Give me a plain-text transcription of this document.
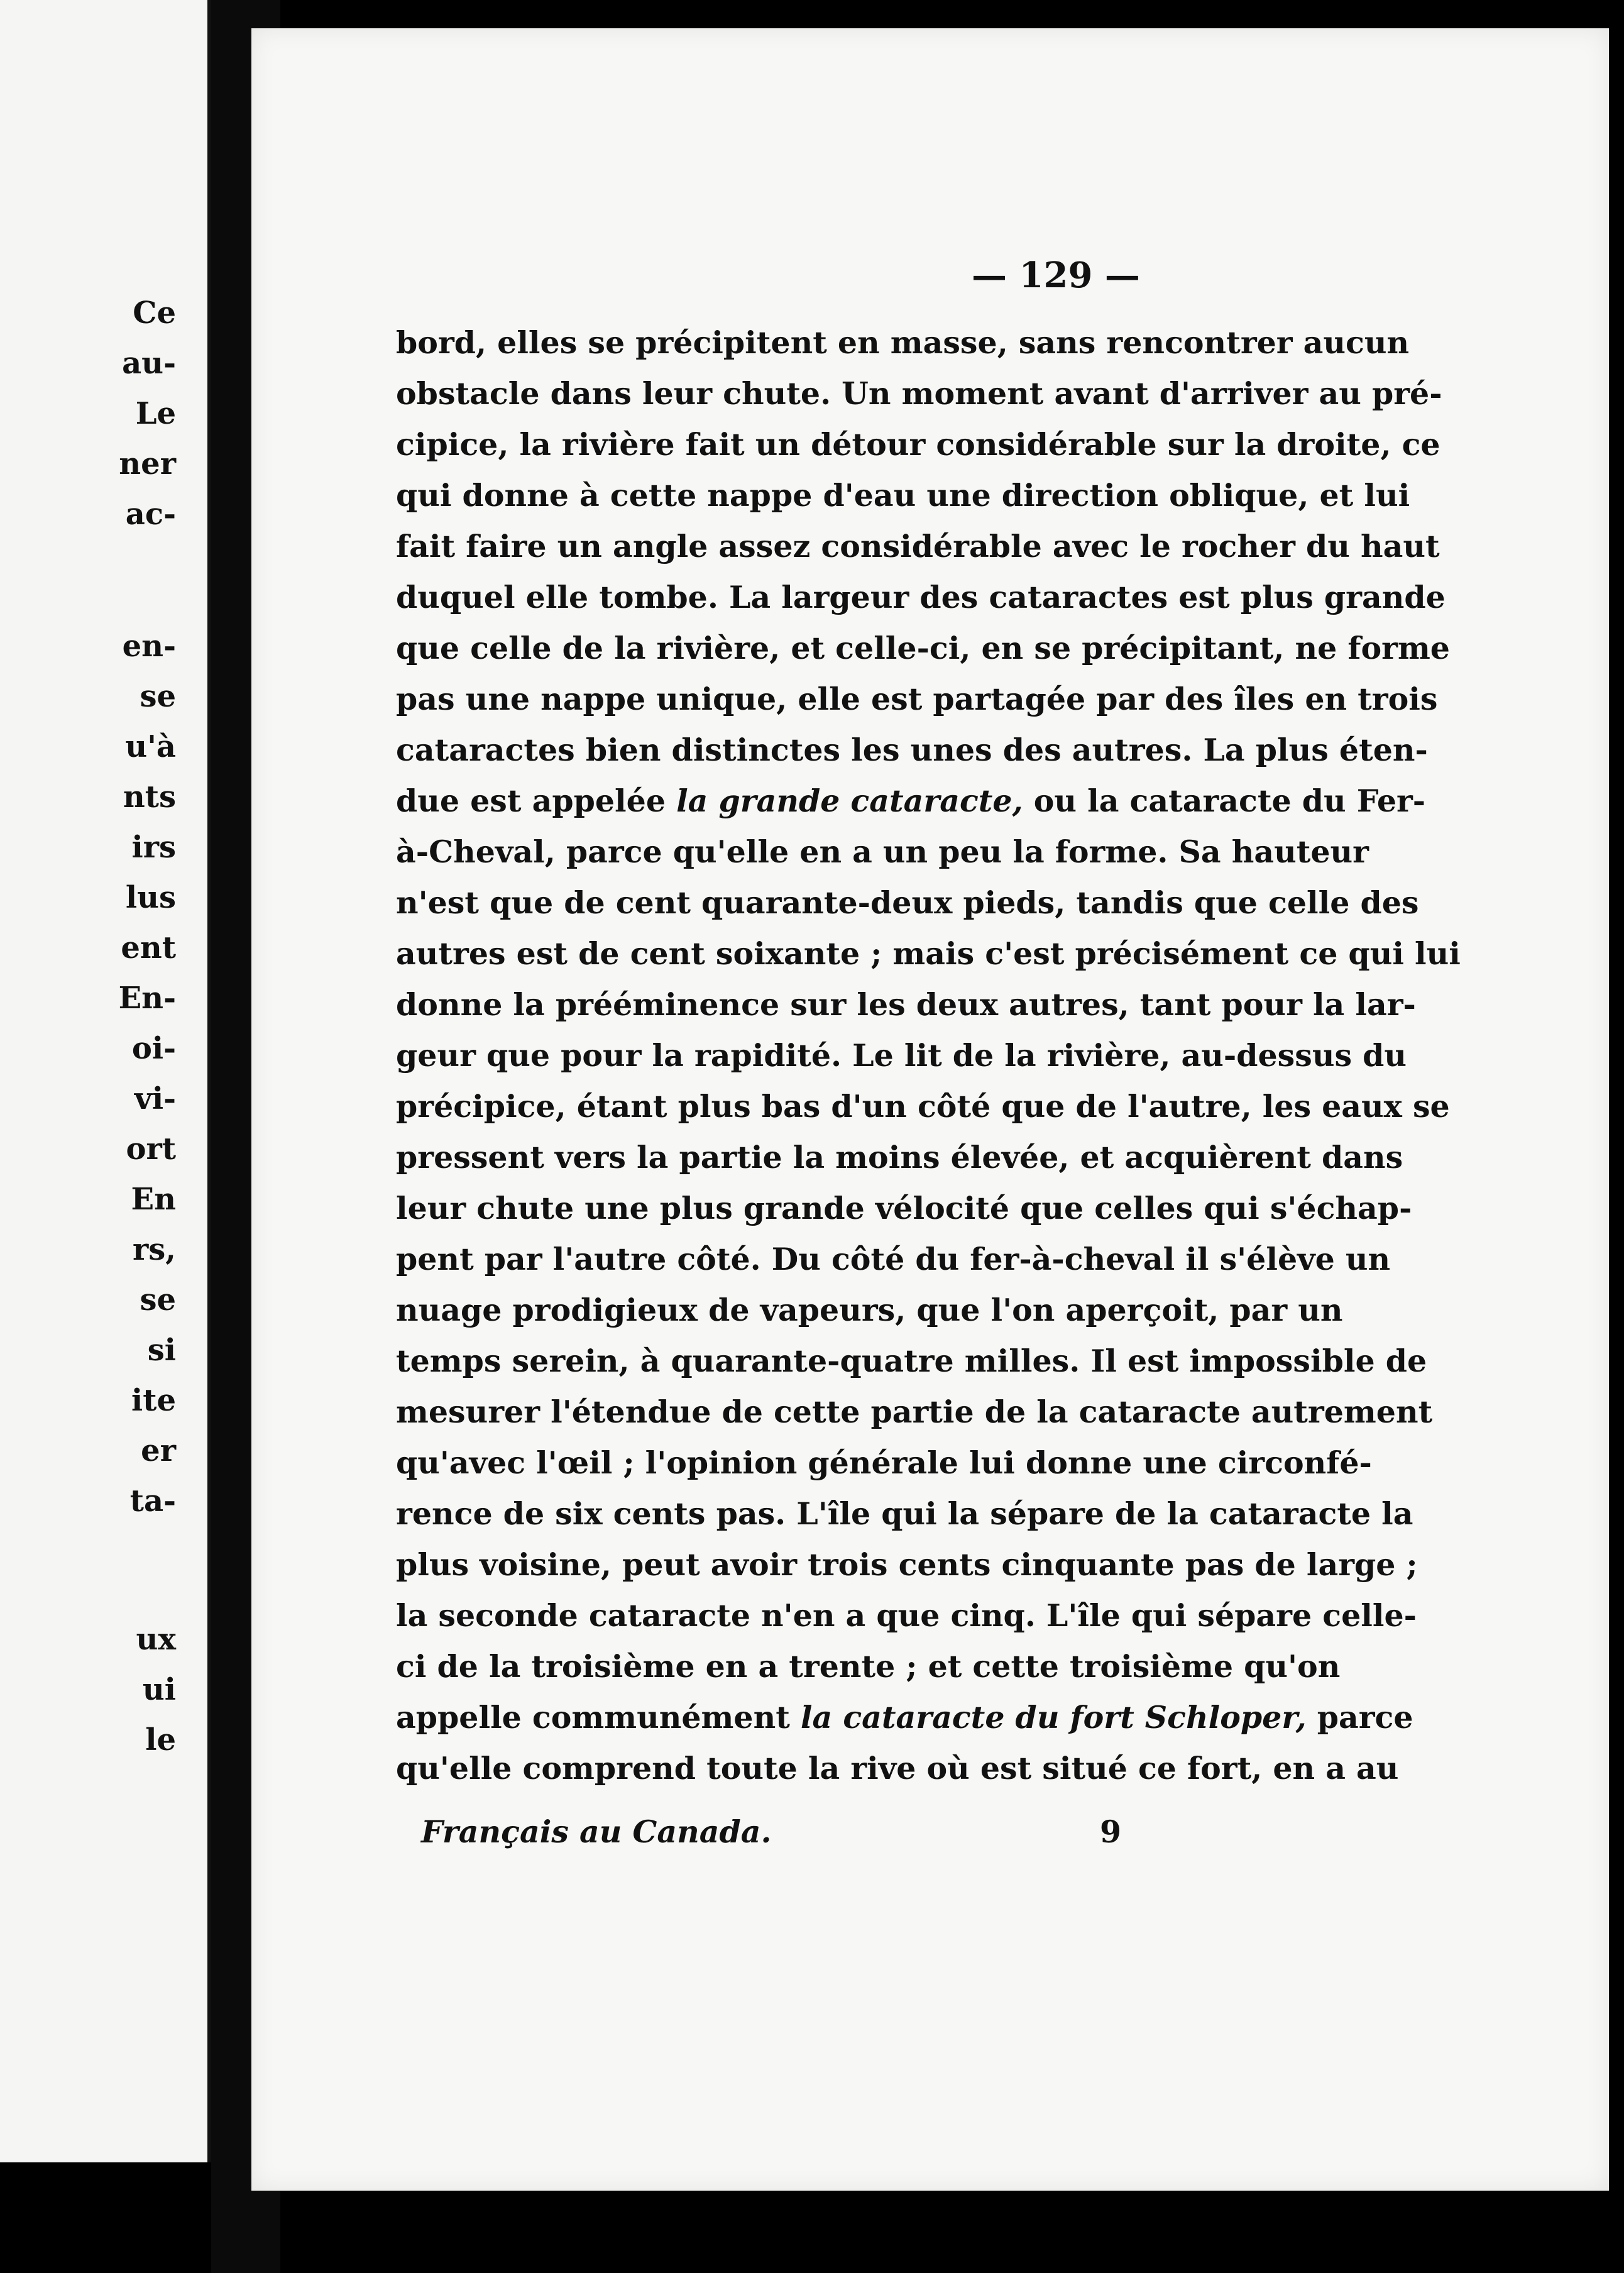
Ce
au-
Le
ner
ac-
en-
se
u'à
nts
irs
lus
ent
En-
oi-
vi-
ort
En
rs,
se
si
ite
er
ta-
ux
ui
le
— 129 —
bord, elles se précipitent en masse, sans rencontrer aucun
obstacle dans leur chute. Un moment avant d'arriver au pré-
cipice, la rivière fait un détour considérable sur la droite, ce
qui donne à cette nappe d'eau une direction oblique, et lui
fait faire un angle assez considérable avec le rocher du haut
duquel elle tombe. La largeur des cataractes est plus grande
que celle de la rivière, et celle-ci, en se précipitant, ne forme
pas une nappe unique, elle est partagée par des îles en trois
cataractes bien distinctes les unes des autres. La plus éten-
due est appelée la grande cataracte, ou la cataracte du Fer-
à-Cheval, parce qu'elle en a un peu la forme. Sa hauteur
n'est que de cent quarante-deux pieds, tandis que celle des
autres est de cent soixante ; mais c'est précisément ce qui lui
donne la prééminence sur les deux autres, tant pour la lar-
geur que pour la rapidité. Le lit de la rivière, au-dessus du
précipice, étant plus bas d'un côté que de l'autre, les eaux se
pressent vers la partie la moins élevée, et acquièrent dans
leur chute une plus grande vélocité que celles qui s'échap-
pent par l'autre côté. Du côté du fer-à-cheval il s'élève un
nuage prodigieux de vapeurs, que l'on aperçoit, par un
temps serein, à quarante-quatre milles. Il est impossible de
mesurer l'étendue de cette partie de la cataracte autrement
qu'avec l'œil ; l'opinion générale lui donne une circonfé-
rence de six cents pas. L'île qui la sépare de la cataracte la
plus voisine, peut avoir trois cents cinquante pas de large ;
la seconde cataracte n'en a que cinq. L'île qui sépare celle-
ci de la troisième en a trente ; et cette troisième qu'on
appelle communément la cataracte du fort Schloper, parce
qu'elle comprend toute la rive où est situé ce fort, en a au
Français au Canada.	9
